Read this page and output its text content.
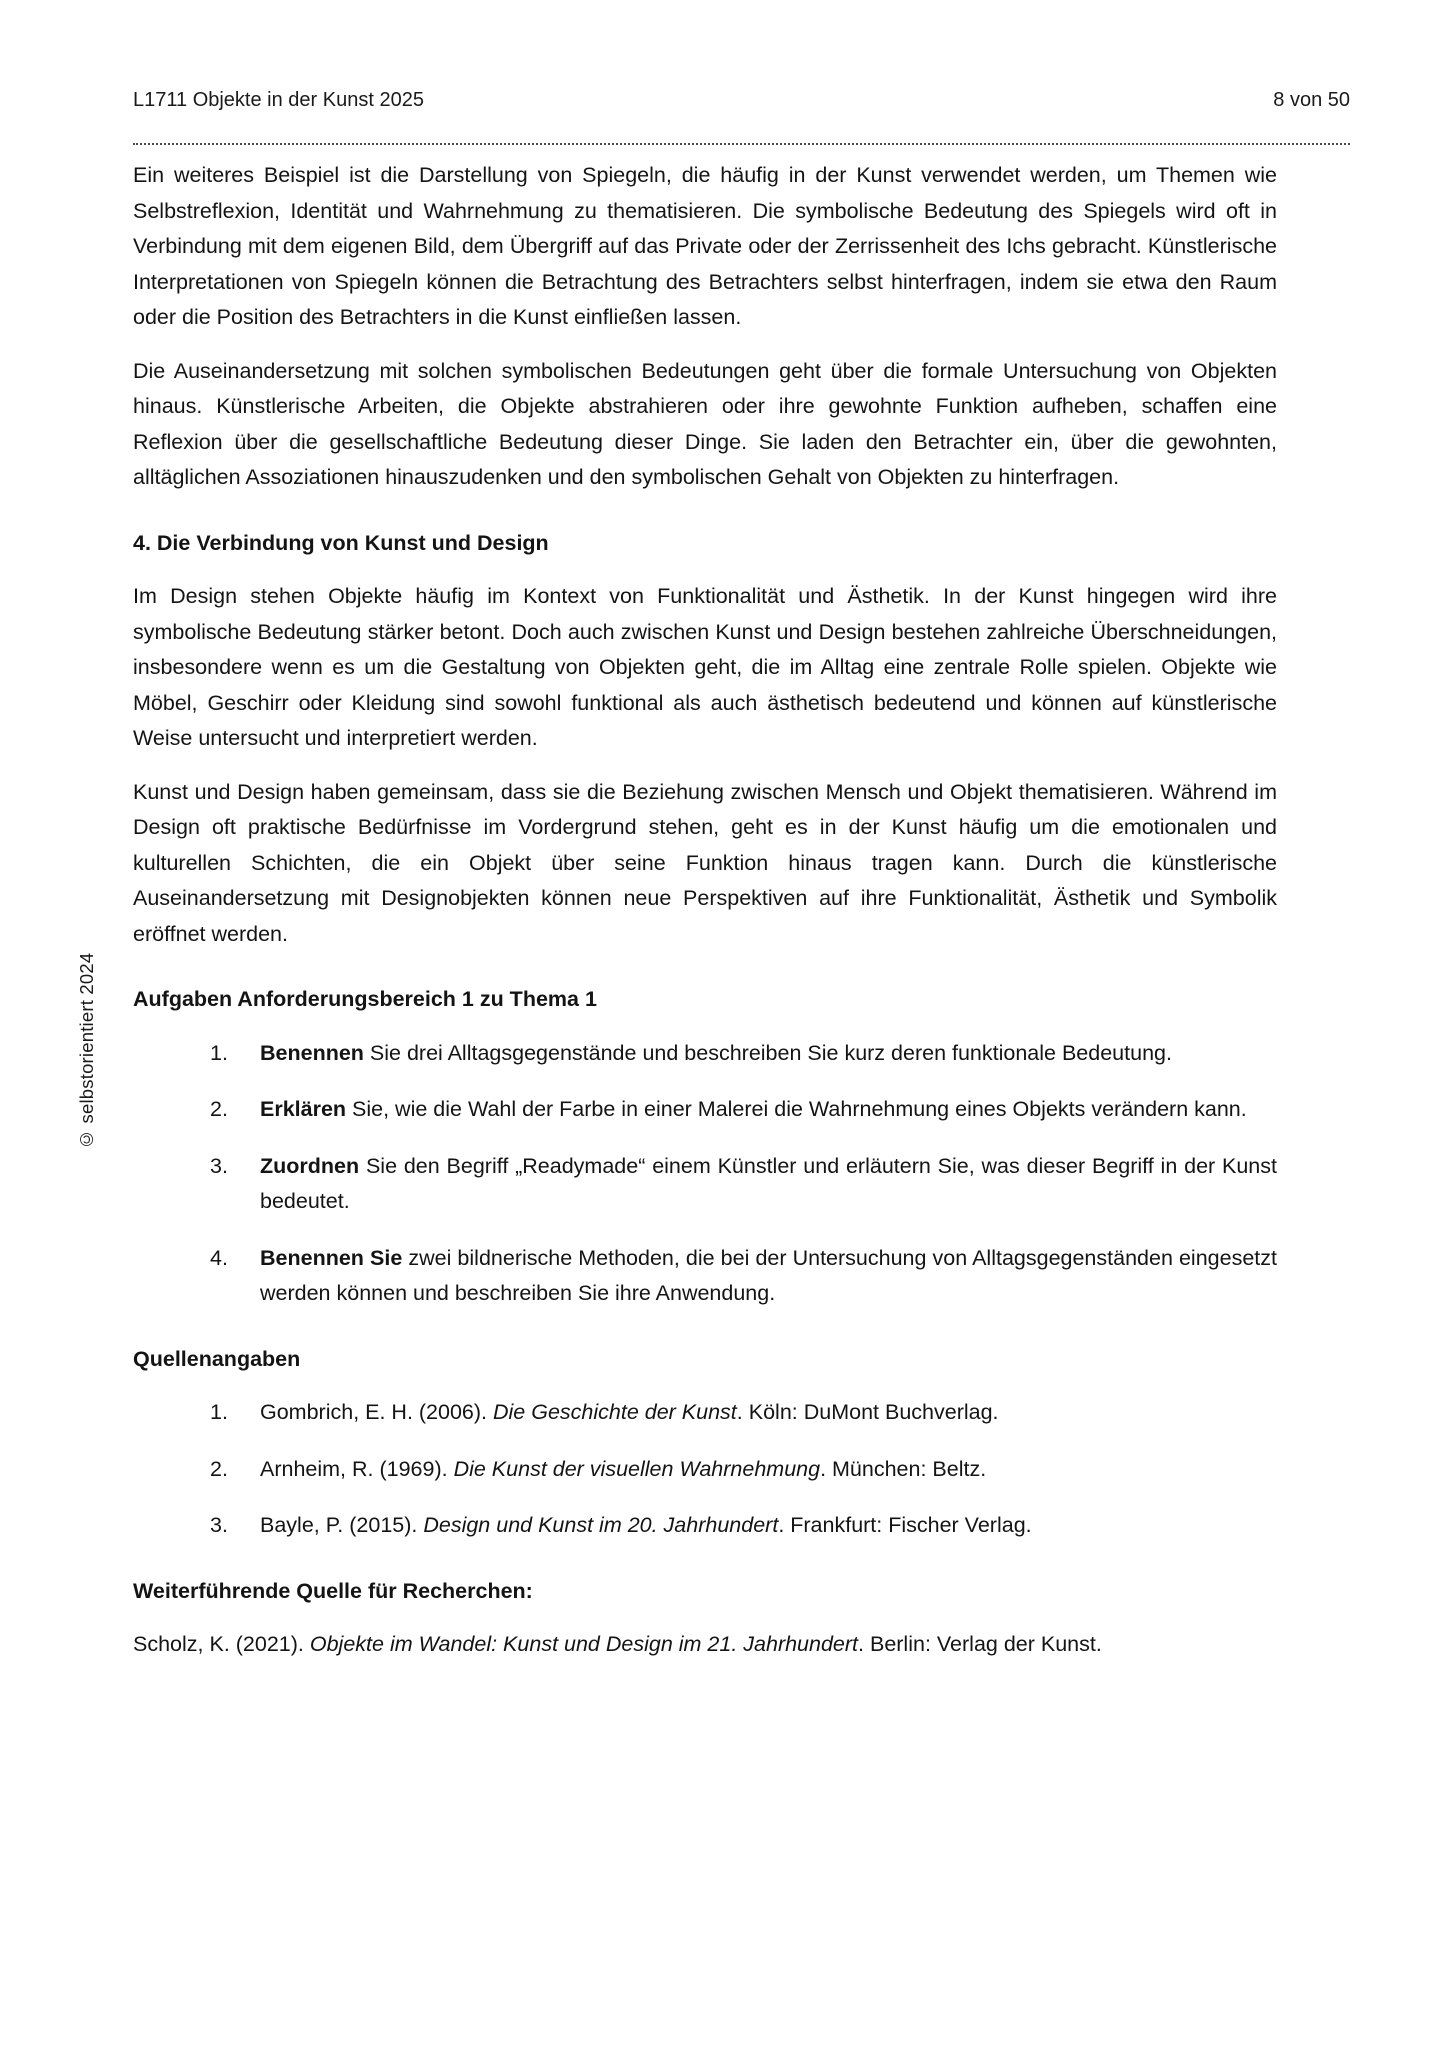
L1711 Objekte in der Kunst 2025	8 von 50
© selbstorientiert 2024

Ein weiteres Beispiel ist die Darstellung von Spiegeln, die häufig in der Kunst verwendet werden, um Themen wie Selbstreflexion, Identität und Wahrnehmung zu thematisieren. Die symbolische Bedeutung des Spiegels wird oft in Verbindung mit dem eigenen Bild, dem Übergriff auf das Private oder der Zerrissenheit des Ichs gebracht. Künstlerische Interpretationen von Spiegeln können die Betrachtung des Betrachters selbst hinterfragen, indem sie etwa den Raum oder die Position des Betrachters in die Kunst einfließen lassen.

Die Auseinandersetzung mit solchen symbolischen Bedeutungen geht über die formale Untersuchung von Objekten hinaus. Künstlerische Arbeiten, die Objekte abstrahieren oder ihre gewohnte Funktion aufheben, schaffen eine Reflexion über die gesellschaftliche Bedeutung dieser Dinge. Sie laden den Betrachter ein, über die gewohnten, alltäglichen Assoziationen hinauszudenken und den symbolischen Gehalt von Objekten zu hinterfragen.

4. Die Verbindung von Kunst und Design

Im Design stehen Objekte häufig im Kontext von Funktionalität und Ästhetik. In der Kunst hingegen wird ihre symbolische Bedeutung stärker betont. Doch auch zwischen Kunst und Design bestehen zahlreiche Überschneidungen, insbesondere wenn es um die Gestaltung von Objekten geht, die im Alltag eine zentrale Rolle spielen. Objekte wie Möbel, Geschirr oder Kleidung sind sowohl funktional als auch ästhetisch bedeutend und können auf künstlerische Weise untersucht und interpretiert werden.

Kunst und Design haben gemeinsam, dass sie die Beziehung zwischen Mensch und Objekt thematisieren. Während im Design oft praktische Bedürfnisse im Vordergrund stehen, geht es in der Kunst häufig um die emotionalen und kulturellen Schichten, die ein Objekt über seine Funktion hinaus tragen kann. Durch die künstlerische Auseinandersetzung mit Designobjekten können neue Perspektiven auf ihre Funktionalität, Ästhetik und Symbolik eröffnet werden.

Aufgaben Anforderungsbereich 1 zu Thema 1
1.	Benennen Sie drei Alltagsgegenstände und beschreiben Sie kurz deren funktionale Bedeutung.
2.	Erklären Sie, wie die Wahl der Farbe in einer Malerei die Wahrnehmung eines Objekts verändern kann.
3.	Zuordnen Sie den Begriff „Readymade“ einem Künstler und erläutern Sie, was dieser Begriff in der Kunst bedeutet.
4.	Benennen Sie zwei bildnerische Methoden, die bei der Untersuchung von Alltagsgegenständen eingesetzt werden können und beschreiben Sie ihre Anwendung.
Quellenangaben
1.	Gombrich, E. H. (2006). Die Geschichte der Kunst. Köln: DuMont Buchverlag.
2.	Arnheim, R. (1969). Die Kunst der visuellen Wahrnehmung. München: Beltz.
3.	Bayle, P. (2015). Design und Kunst im 20. Jahrhundert. Frankfurt: Fischer Verlag.
Weiterführende Quelle für Recherchen:

Scholz, K. (2021). Objekte im Wandel: Kunst und Design im 21. Jahrhundert. Berlin: Verlag der Kunst.
